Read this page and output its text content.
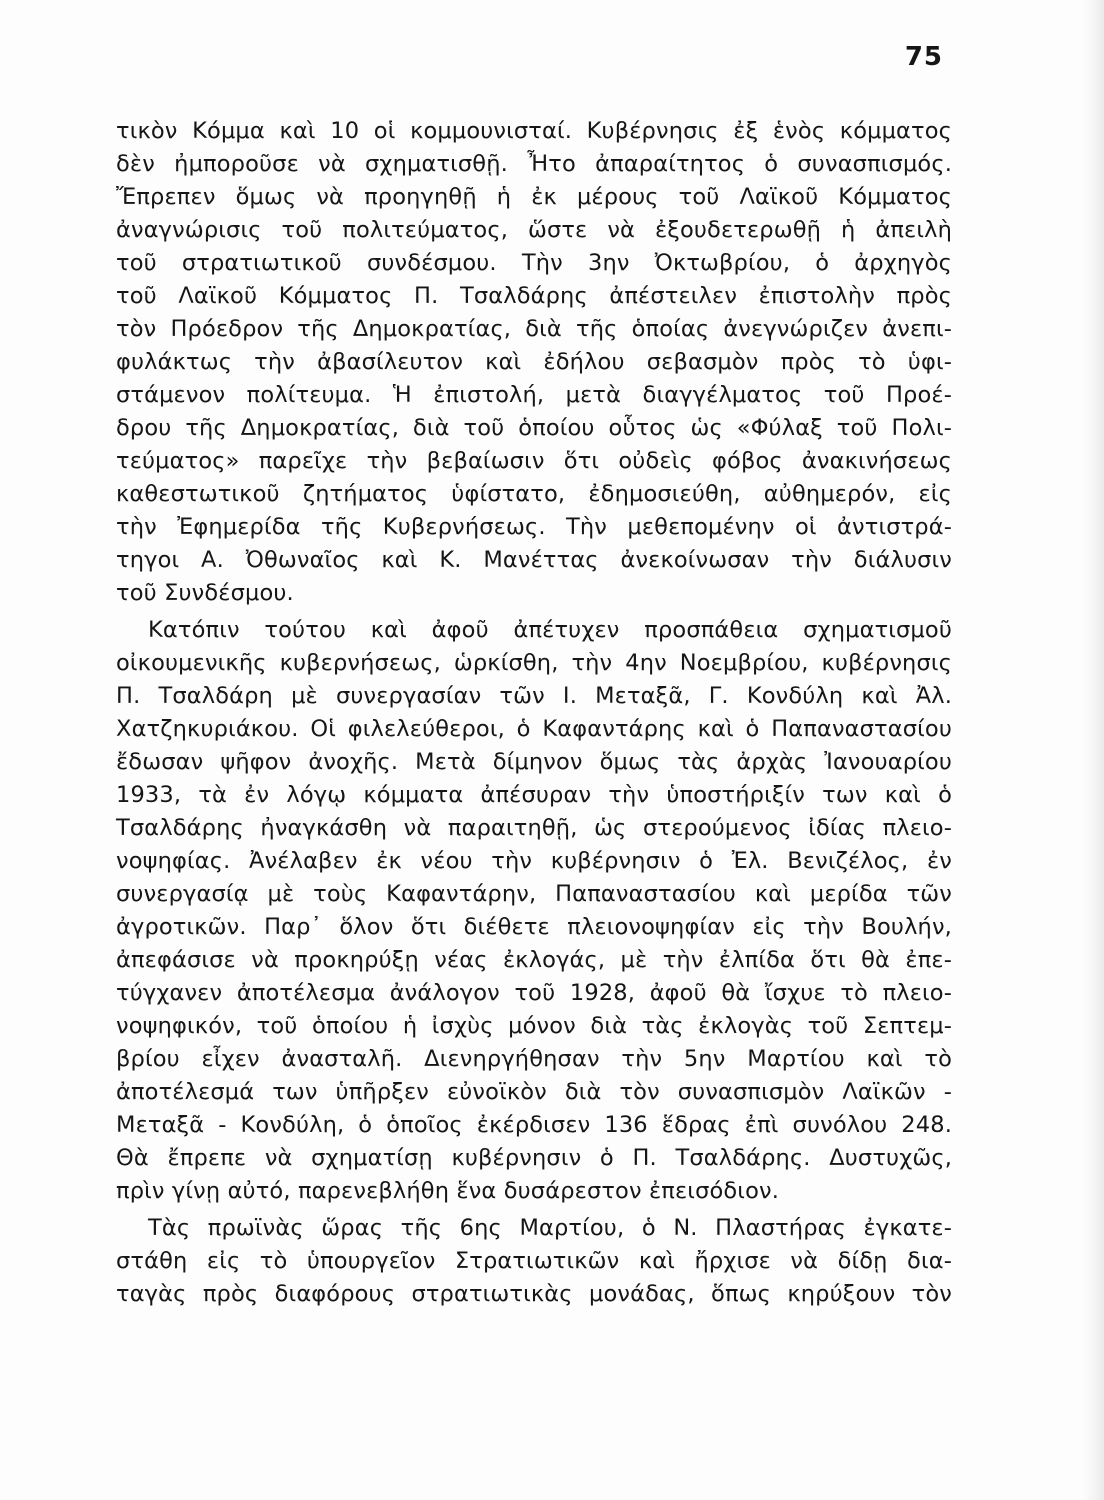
75
τικὸν Κόμμα καὶ 10 οἱ κομμουνισταί. Κυβέρνησις ἐξ ἑνὸς κόμματος
δὲν ἠμποροῦσε νὰ σχηματισθῇ. Ἦτο ἀπαραίτητος ὁ συνασπισμός.
Ἔπρεπεν ὅμως νὰ προηγηθῇ ἡ ἐκ μέρους τοῦ Λαϊκοῦ Κόμματος
ἀναγνώρισις τοῦ πολιτεύματος, ὥστε νὰ ἐξουδετερωθῇ ἡ ἀπειλὴ
τοῦ στρατιωτικοῦ συνδέσμου. Τὴν 3ην Ὀκτωβρίου, ὁ ἀρχηγὸς
τοῦ Λαϊκοῦ Κόμματος Π. Τσαλδάρης ἀπέστειλεν ἐπιστολὴν πρὸς
τὸν Πρόεδρον τῆς Δημοκρατίας, διὰ τῆς ὁποίας ἀνεγνώριζεν ἀνεπι-
φυλάκτως τὴν ἀβασίλευτον καὶ ἐδήλου σεβασμὸν πρὸς τὸ ὑφι-
στάμενον πολίτευμα. Ἡ ἐπιστολή, μετὰ διαγγέλματος τοῦ Προέ-
δρου τῆς Δημοκρατίας, διὰ τοῦ ὁποίου οὗτος ὡς «Φύλαξ τοῦ Πολι-
τεύματος» παρεῖχε τὴν βεβαίωσιν ὅτι οὐδεὶς φόβος ἀνακινήσεως
καθεστωτικοῦ ζητήματος ὑφίστατο, ἐδημοσιεύθη, αὐθημερόν, εἰς
τὴν Ἐφημερίδα τῆς Κυβερνήσεως. Τὴν μεθεπομένην οἱ ἀντιστρά-
τηγοι Α. Ὀθωναῖος καὶ Κ. Μανέττας ἀνεκοίνωσαν τὴν διάλυσιν
τοῦ Συνδέσμου.
Κατόπιν τούτου καὶ ἀφοῦ ἀπέτυχεν προσπάθεια σχηματισμοῦ
οἰκουμενικῆς κυβερνήσεως, ὡρκίσθη, τὴν 4ην Νοεμβρίου, κυβέρνησις
Π. Τσαλδάρη μὲ συνεργασίαν τῶν Ι. Μεταξᾶ, Γ. Κονδύλη καὶ Ἀλ.
Χατζηκυριάκου. Οἱ φιλελεύθεροι, ὁ Καφαντάρης καὶ ὁ Παπαναστασίου
ἔδωσαν ψῆφον ἀνοχῆς. Μετὰ δίμηνον ὅμως τὰς ἀρχὰς Ἰανουαρίου
1933, τὰ ἐν λόγῳ κόμματα ἀπέσυραν τὴν ὑποστήριξίν των καὶ ὁ
Τσαλδάρης ἠναγκάσθη νὰ παραιτηθῇ, ὡς στερούμενος ἰδίας πλειο-
νοψηφίας. Ἀνέλαβεν ἐκ νέου τὴν κυβέρνησιν ὁ Ἐλ. Βενιζέλος, ἐν
συνεργασίᾳ μὲ τοὺς Καφαντάρην, Παπαναστασίου καὶ μερίδα τῶν
ἀγροτικῶν. Παρ᾽ ὅλον ὅτι διέθετε πλειονοψηφίαν εἰς τὴν Βουλήν,
ἀπεφάσισε νὰ προκηρύξῃ νέας ἐκλογάς, μὲ τὴν ἐλπίδα ὅτι θὰ ἐπε-
τύγχανεν ἀποτέλεσμα ἀνάλογον τοῦ 1928, ἀφοῦ θὰ ἴσχυε τὸ πλειο-
νοψηφικόν, τοῦ ὁποίου ἡ ἰσχὺς μόνον διὰ τὰς ἐκλογὰς τοῦ Σεπτεμ-
βρίου εἶχεν ἀνασταλῆ. Διενηργήθησαν τὴν 5ην Μαρτίου καὶ τὸ
ἀποτέλεσμά των ὑπῆρξεν εὐνοϊκὸν διὰ τὸν συνασπισμὸν Λαϊκῶν -
Μεταξᾶ - Κονδύλη, ὁ ὁποῖος ἐκέρδισεν 136 ἕδρας ἐπὶ συνόλου 248.
Θὰ ἔπρεπε νὰ σχηματίσῃ κυβέρνησιν ὁ Π. Τσαλδάρης. Δυστυχῶς,
πρὶν γίνῃ αὐτό, παρενεβλήθη ἕνα δυσάρεστον ἐπεισόδιον.
Τὰς πρωϊνὰς ὥρας τῆς 6ης Μαρτίου, ὁ Ν. Πλαστήρας ἐγκατε-
στάθη εἰς τὸ ὑπουργεῖον Στρατιωτικῶν καὶ ἤρχισε νὰ δίδῃ δια-
ταγὰς πρὸς διαφόρους στρατιωτικὰς μονάδας, ὅπως κηρύξουν τὸν
